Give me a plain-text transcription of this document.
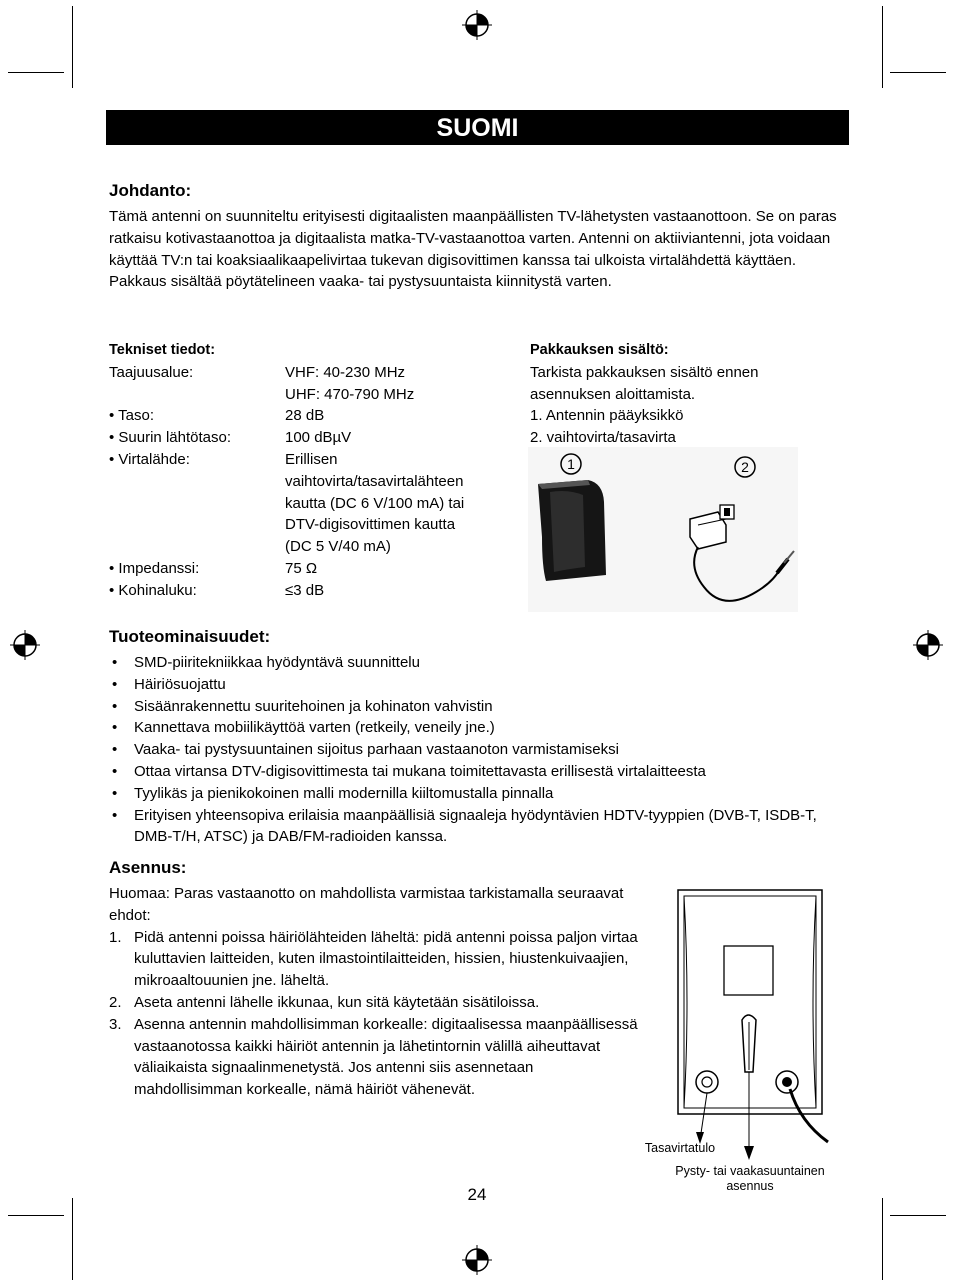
SUOMI
Johdanto:

Tämä antenni on suunniteltu erityisesti digitaalisten maanpäällisten TV-lähetysten vastaanottoon. Se on paras ratkaisu kotivastaanottoa ja digitaalista matka-TV-vastaanottoa varten. Antenni on aktiiviantenni, jota voidaan käyttää TV:n tai koaksiaalikaapelivirtaa tukevan digisovittimen kanssa tai ulkoista virtalähdettä käyttäen. Pakkaus sisältää pöytätelineen vaaka- tai pystysuuntaista kiinnitystä varten.

Tekniset tiedot:
Taajuusalue:	VHF: 40-230 MHz
UHF: 470-790 MHz
• Taso:	28 dB
• Suurin lähtötaso:	100 dBµV
• Virtalähde:	Erillisen vaihtovirta/tasavirtalähteen kautta (DC 6 V/100 mA) tai DTV-digisovittimen kautta (DC 5 V/40 mA)
• Impedanssi:	75 Ω
• Kohinaluku:	≤3 dB
Pakkauksen sisältö:
Tarkista pakkauksen sisältö ennen asennuksen aloittamista.
1. Antennin pääyksikkö
2. vaihtovirta/tasavirta
1	2
Tuoteominaisuudet:
• SMD-piiritekniikkaa hyödyntävä suunnittelu
• Häiriösuojattu
• Sisäänrakennettu suuritehoinen ja kohinaton vahvistin
• Kannettava mobiilikäyttöä varten (retkeily, veneily jne.)
• Vaaka- tai pystysuuntainen sijoitus parhaan vastaanoton varmistamiseksi
• Ottaa virtansa DTV-digisovittimesta tai mukana toimitettavasta erillisestä virtalaitteesta
• Tyylikäs ja pienikokoinen malli modernilla kiiltomustalla pinnalla
• Erityisen yhteensopiva erilaisia maanpäällisiä signaaleja hyödyntävien HDTV-tyyppien (DVB-T, ISDB-T, DMB-T/H, ATSC) ja DAB/FM-radioiden kanssa.
Asennus:
Huomaa: Paras vastaanotto on mahdollista varmistaa tarkistamalla seuraavat ehdot:
1. Pidä antenni poissa häiriölähteiden läheltä: pidä antenni poissa paljon virtaa kuluttavien laitteiden, kuten ilmastointilaitteiden, hissien, hiustenkuivaajien, mikroaaltouunien jne. läheltä.
2. Aseta antenni lähelle ikkunaa, kun sitä käytetään sisätiloissa.
3. Asenna antennin mahdollisimman korkealle: digitaalisessa maanpäällisessä vastaanotossa kaikki häiriöt antennin ja lähetintornin välillä aiheuttavat väliaikaista signaalinmenetystä. Jos antenni siis asennetaan mahdollisimman korkealle, nämä häiriöt vähenevät.
Tasavirtatulo
Pysty- tai vaakasuuntainen asennus
24
